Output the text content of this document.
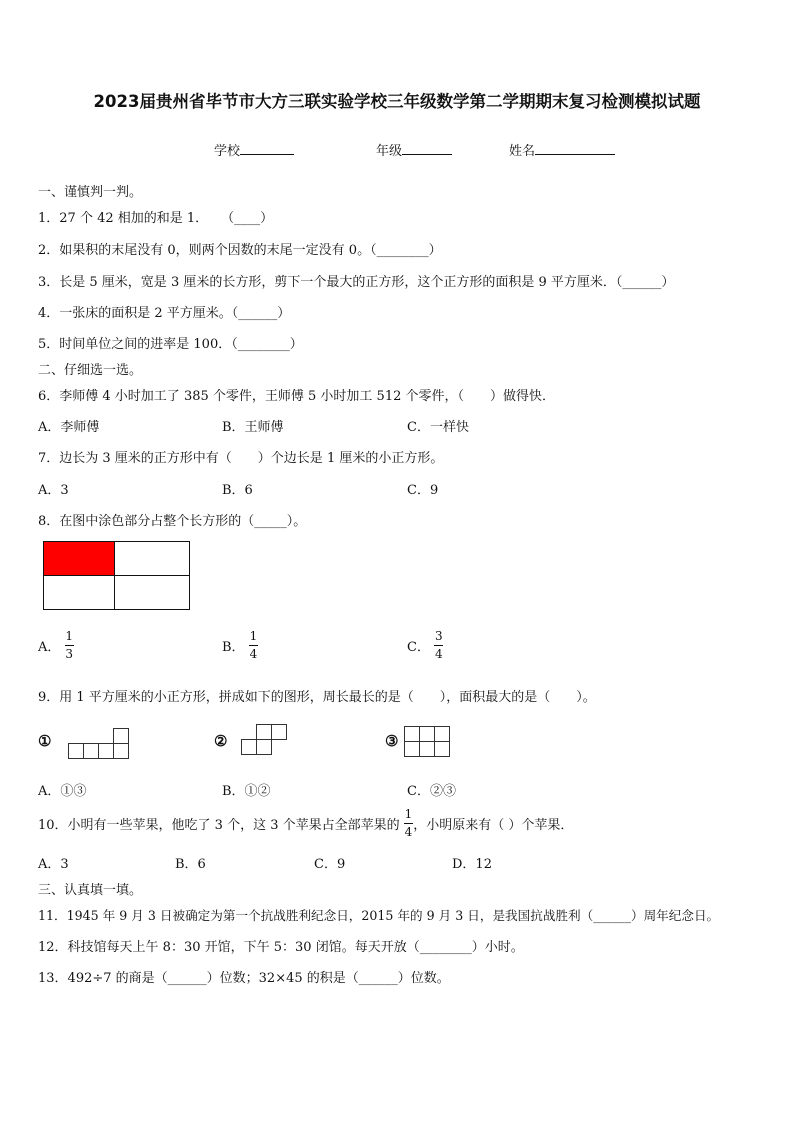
2023届贵州省毕节市大方三联实验学校三年级数学第二学期期末复习检测模拟试题
学校	年级	姓名
一、谨慎判一判。
1．27 个 42 相加的和是 1．　　（____）
2．如果积的末尾没有 0，则两个因数的末尾一定没有 0。（________）
3．长是 5 厘米，宽是 3 厘米的长方形，剪下一个最大的正方形，这个正方形的面积是 9 平方厘米．（______）
4．一张床的面积是 2 平方厘米。（______）
5．时间单位之间的进率是 100．（________）
二、仔细选一选。
6．李师傅 4 小时加工了 385 个零件，王师傅 5 小时加工 512 个零件，（　　）做得快．
A．李师傅	B．王师傅	C．一样快
7．边长为 3 厘米的正方形中有（　　）个边长是 1 厘米的小正方形。
A．3	B．6	C．9
8．在图中涂色部分占整个长方形的（_____）。
A． $\frac{1}{3}$	B． $\frac{1}{4}$	C． $\frac{3}{4}$
9．用 1 平方厘米的小正方形，拼成如下的图形，周长最长的是（　　），面积最大的是（　　）。
①	②	③
A．①③	B．①②	C．②③
10．小明有一些苹果，他吃了 3 个，这 3 个苹果占全部苹果的 $\frac{1}{4}$ ，小明原来有（ ）个苹果．
A．3	B．6	C．9	D．12
三、认真填一填。
11．1945 年 9 月 3 日被确定为第一个抗战胜利纪念日，2015 年的 9 月 3 日，是我国抗战胜利（______）周年纪念日。
12．科技馆每天上午 8：30 开馆，下午 5：30 闭馆。每天开放（________）小时。
13．492÷7 的商是（______）位数；32×45 的积是（______）位数。
